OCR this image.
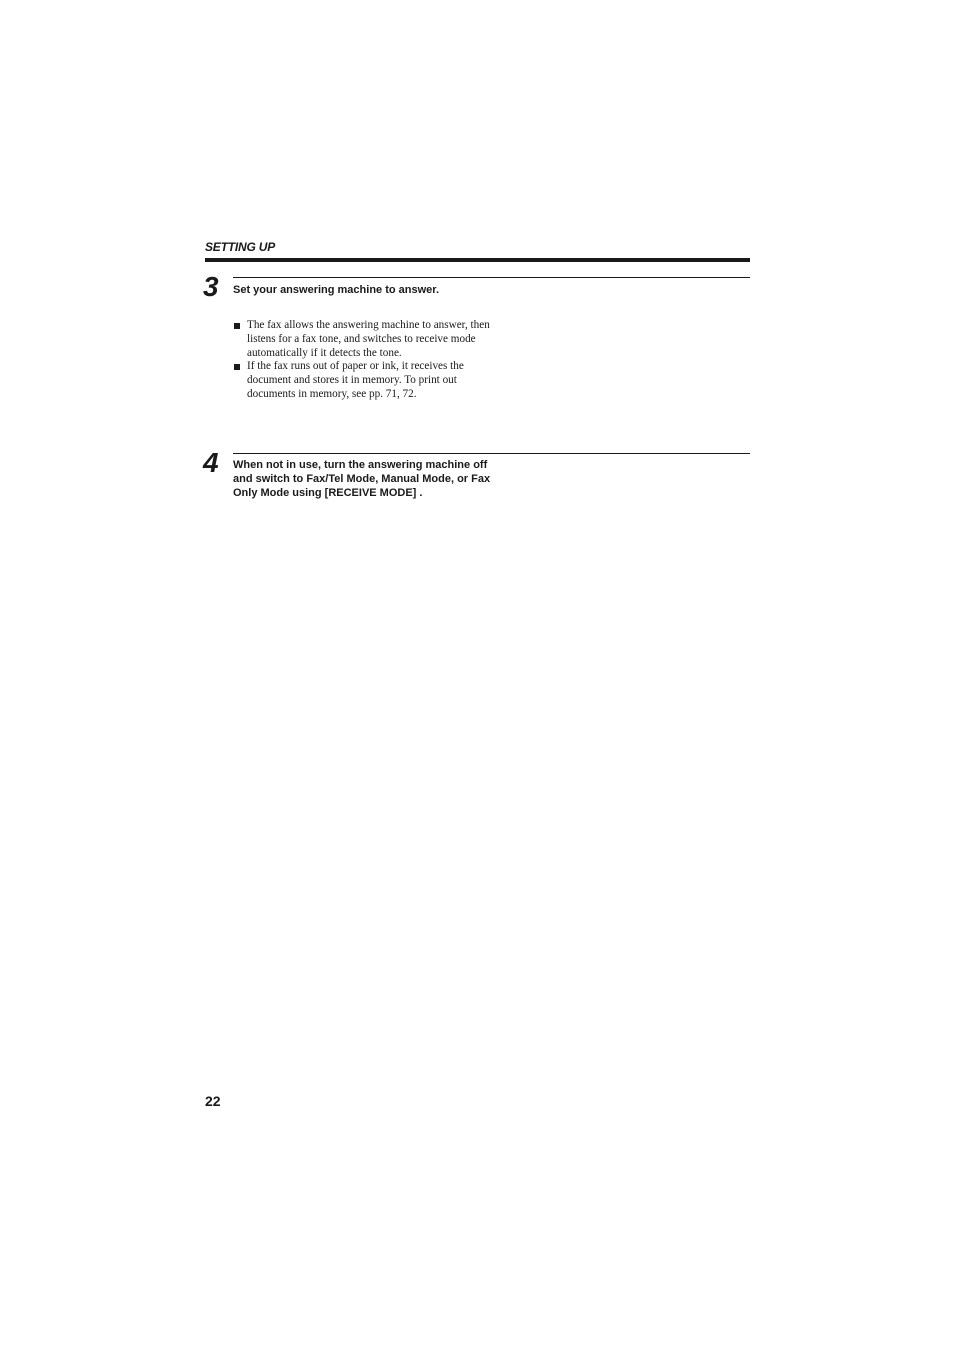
SETTING UP
3 Set your answering machine to answer.
The fax allows the answering machine to answer, then listens for a fax tone, and switches to receive mode automatically if it detects the tone.
If the fax runs out of paper or ink, it receives the document and stores it in memory. To print out documents in memory, see pp. 71, 72.
4 When not in use, turn the answering machine off and switch to Fax/Tel Mode, Manual Mode, or Fax Only Mode using [RECEIVE MODE] .
22
